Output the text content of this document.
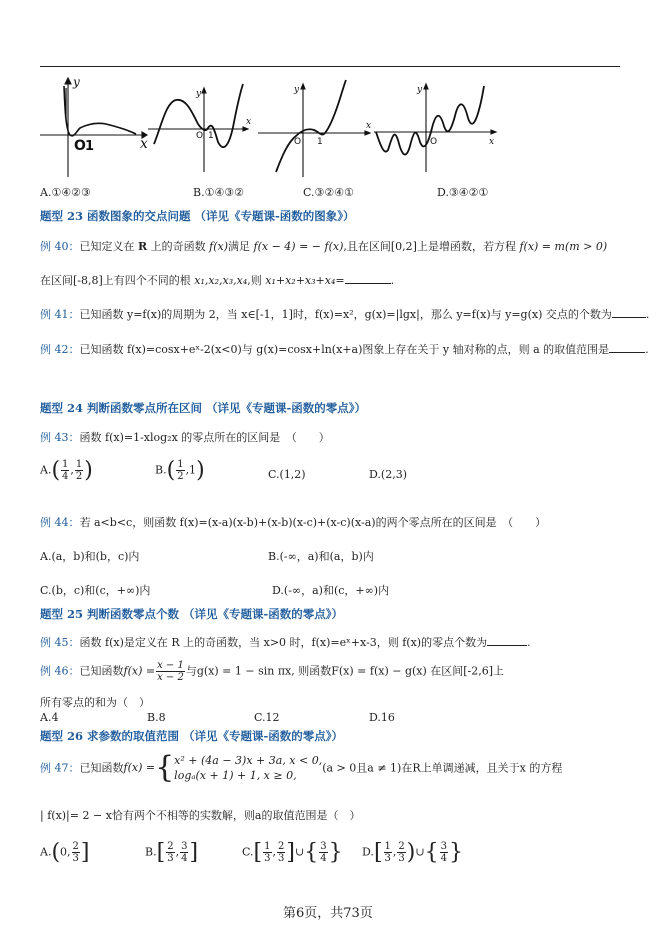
O 1	x
y
y
O 1
x
y
O 1
x
y
O	x
A.①④②③	B.①④③②	C.③②④①	D.③④②①
题型 23 函数图象的交点问题 （详见《专题课-函数的图象》）
例 40：已知定义在 R 上的奇函数 f(x)满足 f(x − 4) = − f(x),且在区间[0,2]上是增函数，若方程 f(x) = m(m > 0)
在区间[-8,8]上有四个不同的根 x₁,x₂,x₃,x₄,则 x₁+x₂+x₃+x₄=	.
例 41：已知函数 y=f(x)的周期为 2，当 x∈[-1，1]时，f(x)=x²，g(x)=|lgx|，那么 y=f(x)与 y=g(x) 交点的个数为	.
例 42：已知函数 f(x)=cosx+eˣ-2(x<0)与 g(x)=cosx+ln(x+a)图象上存在关于 y 轴对称的点，则 a 的取值范围是	.
题型 24 判断函数零点所在区间 （详见《专题课-函数的零点》）
例 43：函数 f(x)=1-xlog₂x 的零点所在的区间是　（　　）
$A.( \frac{1}{4}$ , $\frac{1}{2}$ )	$B.( \frac{1}{2} ,1)$	C.(1,2)	D.(2,3)
例 44：若 a<b<c，则函数 f(x)=(x-a)(x-b)+(x-b)(x-c)+(x-c)(x-a)的两个零点所在的区间是　（　　）
A.(a，b)和(b，c)内	B.(-∞，a)和(a，b)内
C.(b，c)和(c，+∞)内	D.(-∞，a)和(c，+∞)内
题型 25 判断函数零点个数 （详见《专题课-函数的零点》）
例 45：函数 f(x)是定义在 R 上的奇函数，当 x>0 时，f(x)=eˣ+x-3，则 f(x)的零点个数为	.
例 46：已知函数$f(x) = \frac{x - 1}{x - 2}$ 与g(x) = 1 − sin πx, 则函数F(x) = f(x) − g(x) 在区间[-2,6]上
所有零点的和为（　）
A.4	B.8	C.12	D.16
题型 26 求参数的取值范围 （详见《专题课-函数的零点》）
例 47：已知函数f(x) ={ x² + (4a − 3)x + 3a, x < 0,
logₐ(x + 1) + 1, x ≥ 0,
(a > 0且a ≠ 1)在R上单调递减，且关于x 的方程
| f(x)|= 2 − x恰有两个不相等的实数解，则a的取值范围是（　）
A.(0, $\frac{2}{3}$ ]	$B.[ \frac{2}{3}$ , $\frac{3}{4}$ ]	$C.[ \frac{1}{3}$ , $\frac{2}{3}$ ]∪{ $\frac{3}{4}$ } $D.[ \frac{1}{3}$ , $\frac{2}{3}$ )∪{ $\frac{3}{4}$ }
第6页，共73页
